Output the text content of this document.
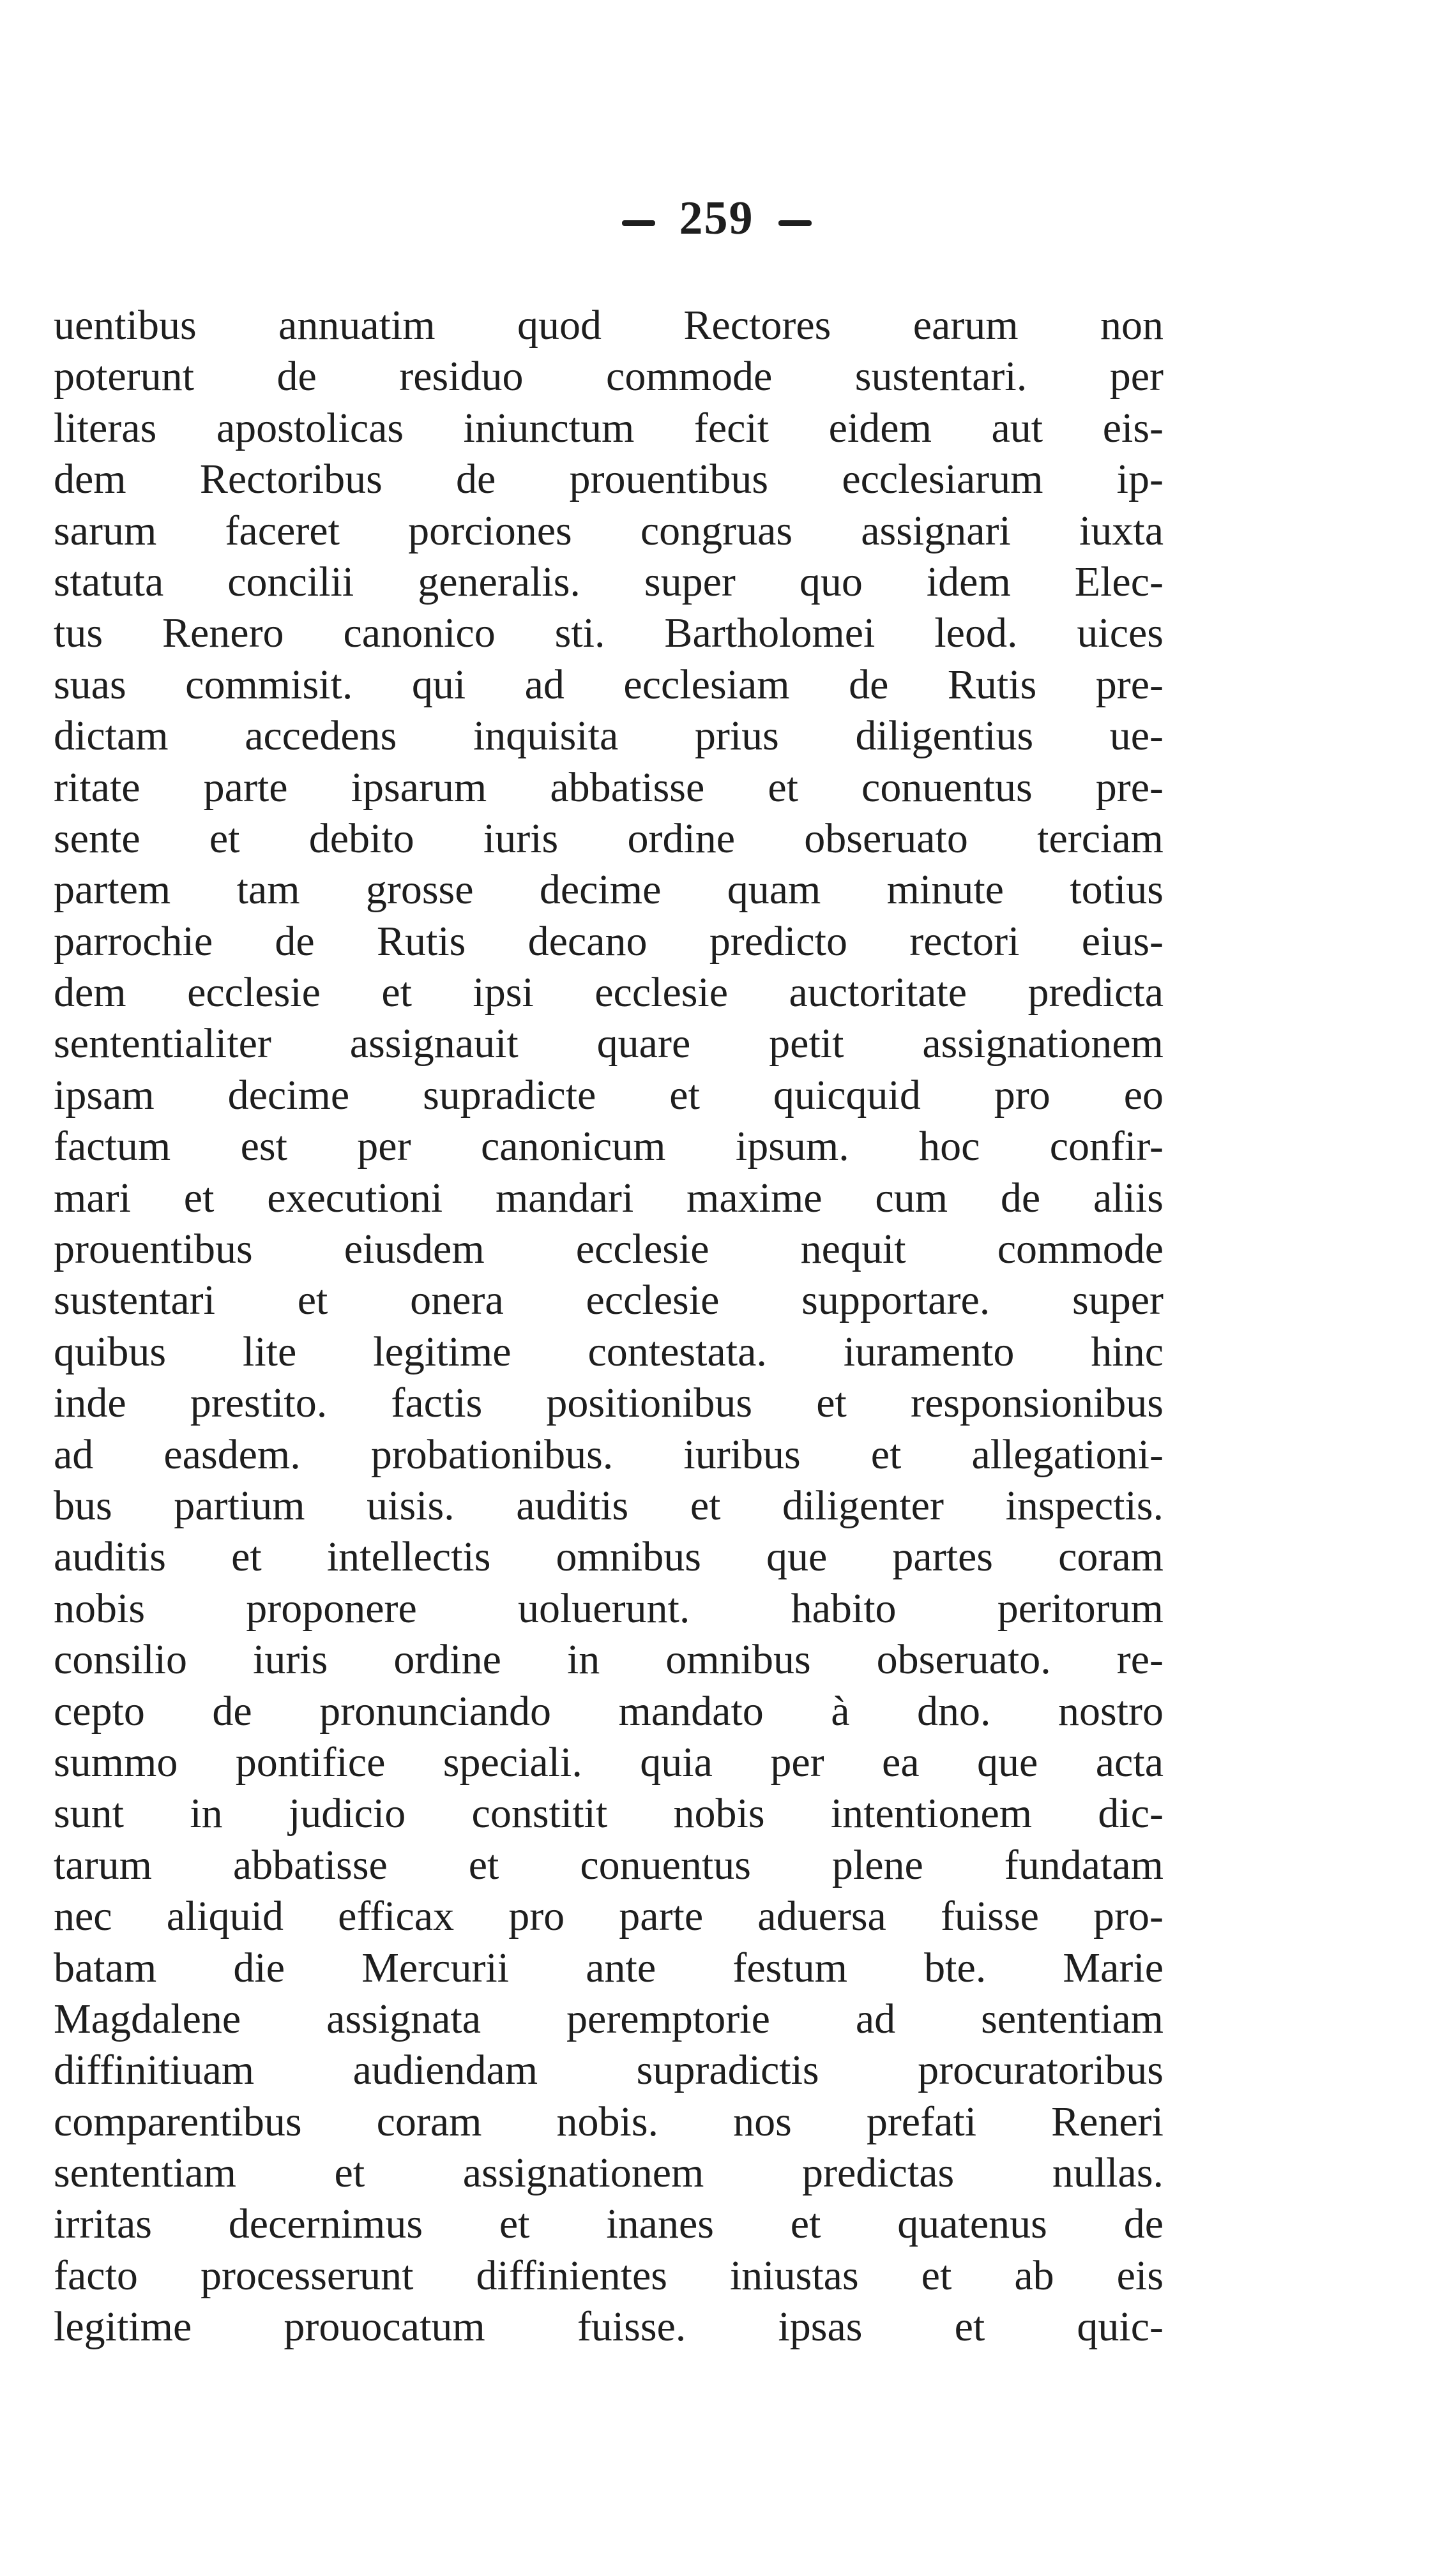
259
uentibus annuatim quod Rectores earum non
poterunt de residuo commode sustentari. per
literas apostolicas iniunctum fecit eidem aut eis-
dem Rectoribus de prouentibus ecclesiarum ip-
sarum faceret porciones congruas assignari iuxta
statuta concilii generalis. super quo idem Elec-
tus Renero canonico sti. Bartholomei leod. uices
suas commisit. qui ad ecclesiam de Rutis pre-
dictam accedens inquisita prius diligentius ue-
ritate parte ipsarum abbatisse et conuentus pre-
sente et debito iuris ordine obseruato terciam
partem tam grosse decime quam minute totius
parrochie de Rutis decano predicto rectori eius-
dem ecclesie et ipsi ecclesie auctoritate predicta
sententialiter assignauit quare petit assignationem
ipsam decime supradicte et quicquid pro eo
factum est per canonicum ipsum. hoc confir-
mari et executioni mandari maxime cum de aliis
prouentibus eiusdem ecclesie nequit commode
sustentari et onera ecclesie supportare. super
quibus lite legitime contestata. iuramento hinc
inde prestito. factis positionibus et responsionibus
ad easdem. probationibus. iuribus et allegationi-
bus partium uisis. auditis et diligenter inspectis.
auditis et intellectis omnibus que partes coram
nobis proponere uoluerunt. habito peritorum
consilio iuris ordine in omnibus obseruato. re-
cepto de pronunciando mandato à dno. nostro
summo pontifice speciali. quia per ea que acta
sunt in judicio constitit nobis intentionem dic-
tarum abbatisse et conuentus plene fundatam
nec aliquid efficax pro parte aduersa fuisse pro-
batam die Mercurii ante festum bte. Marie
Magdalene assignata peremptorie ad sententiam
diffinitiuam audiendam supradictis procuratoribus
comparentibus coram nobis. nos prefati Reneri
sententiam et assignationem predictas nullas.
irritas decernimus et inanes et quatenus de
facto processerunt diffinientes iniustas et ab eis
legitime prouocatum fuisse. ipsas et quic-
